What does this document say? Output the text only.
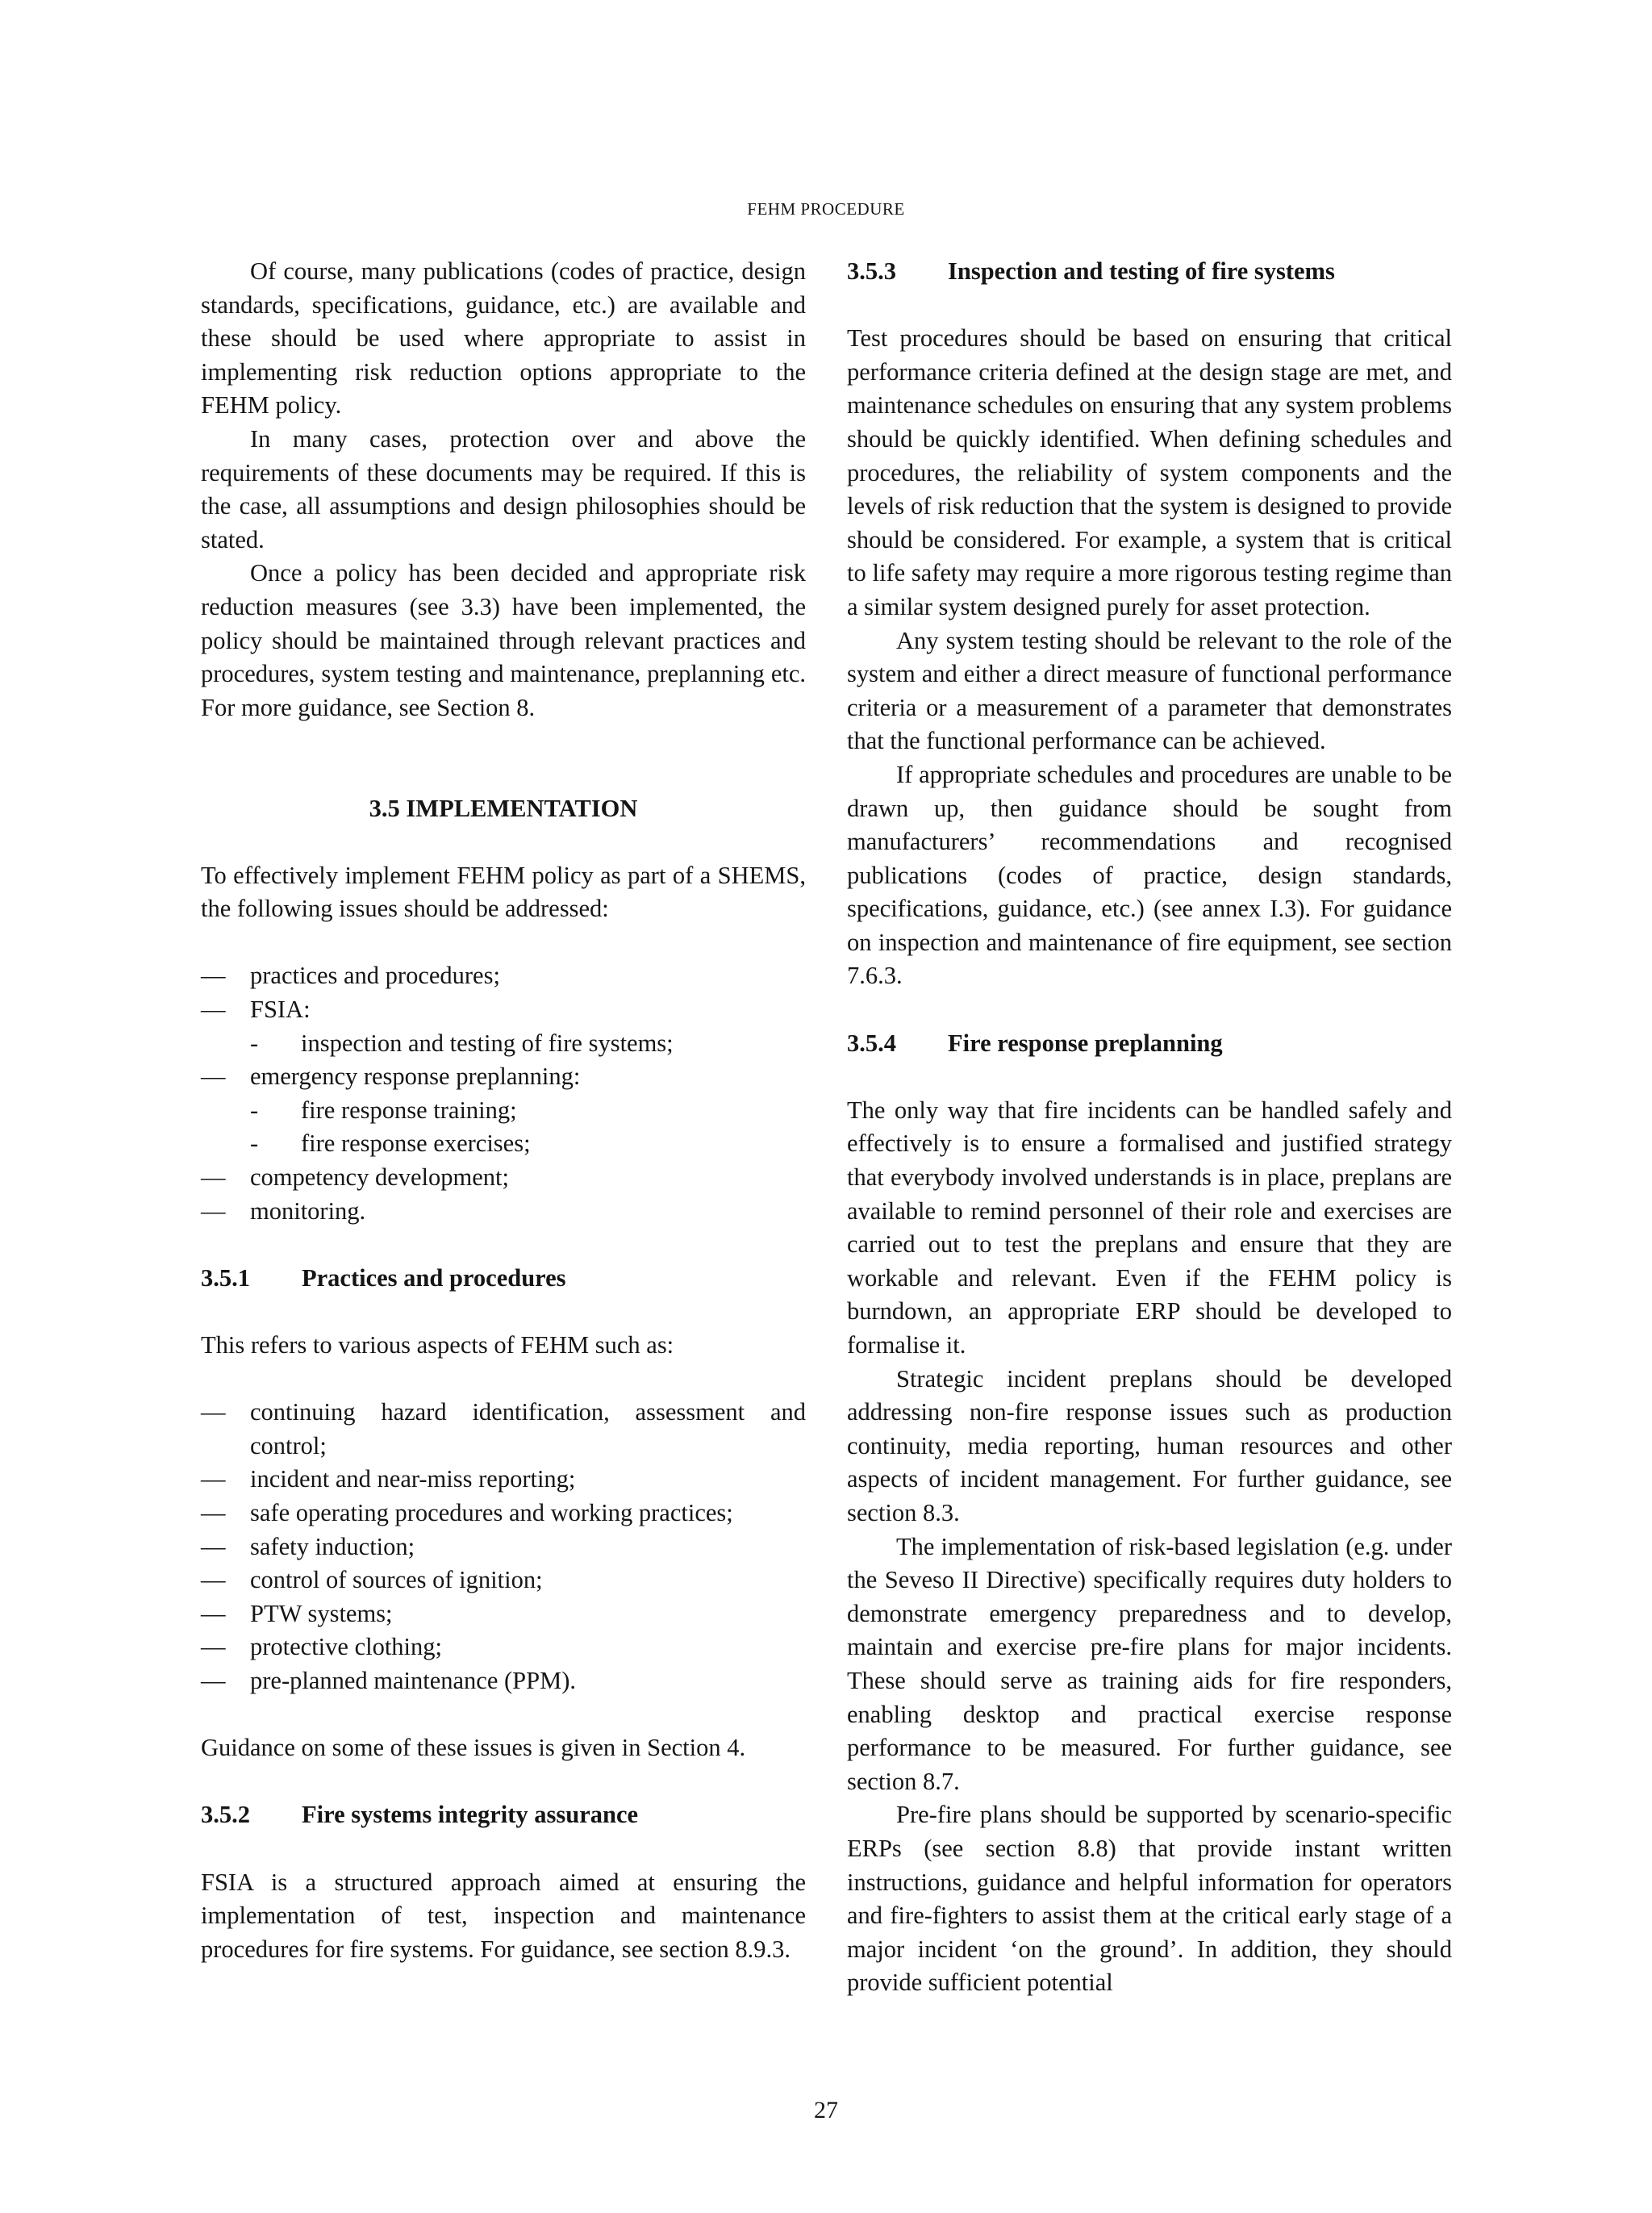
FEHM PROCEDURE

Of course, many publications (codes of practice, design standards, specifications, guidance, etc.) are available and these should be used where appropriate to assist in implementing risk reduction options appropriate to the FEHM policy.

In many cases, protection over and above the requirements of these documents may be required. If this is the case, all assumptions and design philosophies should be stated.

Once a policy has been decided and appropriate risk reduction measures (see 3.3) have been implemented, the policy should be maintained through relevant practices and procedures, system testing and maintenance, preplanning etc. For more guidance, see Section 8.

3.5 IMPLEMENTATION

To effectively implement FEHM policy as part of a SHEMS, the following issues should be addressed:

— practices and procedures;
— FSIA:
- inspection and testing of fire systems;
— emergency response preplanning:
- fire response training;
- fire response exercises;
— competency development;
— monitoring.
3.5.1	Practices and procedures

This refers to various aspects of FEHM such as:

— continuing hazard identification, assessment and control;
— incident and near-miss reporting;
— safe operating procedures and working practices;
— safety induction;
— control of sources of ignition;
— PTW systems;
— protective clothing;
— pre-planned maintenance (PPM).

Guidance on some of these issues is given in Section 4.

3.5.2	Fire systems integrity assurance

FSIA is a structured approach aimed at ensuring the implementation of test, inspection and maintenance procedures for fire systems. For guidance, see section 8.9.3.

3.5.3	Inspection and testing of fire systems

Test procedures should be based on ensuring that critical performance criteria defined at the design stage are met, and maintenance schedules on ensuring that any system problems should be quickly identified. When defining schedules and procedures, the reliability of system components and the levels of risk reduction that the system is designed to provide should be considered. For example, a system that is critical to life safety may require a more rigorous testing regime than a similar system designed purely for asset protection.

Any system testing should be relevant to the role of the system and either a direct measure of functional performance criteria or a measurement of a parameter that demonstrates that the functional performance can be achieved.

If appropriate schedules and procedures are unable to be drawn up, then guidance should be sought from manufacturers’ recommendations and recognised publications (codes of practice, design standards, specifications, guidance, etc.) (see annex I.3). For guidance on inspection and maintenance of fire equipment, see section 7.6.3.

3.5.4	Fire response preplanning

The only way that fire incidents can be handled safely and effectively is to ensure a formalised and justified strategy that everybody involved understands is in place, preplans are available to remind personnel of their role and exercises are carried out to test the preplans and ensure that they are workable and relevant. Even if the FEHM policy is burndown, an appropriate ERP should be developed to formalise it.

Strategic incident preplans should be developed addressing non-fire response issues such as production continuity, media reporting, human resources and other aspects of incident management. For further guidance, see section 8.3.

The implementation of risk-based legislation (e.g. under the Seveso II Directive) specifically requires duty holders to demonstrate emergency preparedness and to develop, maintain and exercise pre-fire plans for major incidents. These should serve as training aids for fire responders, enabling desktop and practical exercise response performance to be measured. For further guidance, see section 8.7.

Pre-fire plans should be supported by scenario-specific ERPs (see section 8.8) that provide instant written instructions, guidance and helpful information for operators and fire-fighters to assist them at the critical early stage of a major incident ‘on the ground’. In addition, they should provide sufficient potential

27
